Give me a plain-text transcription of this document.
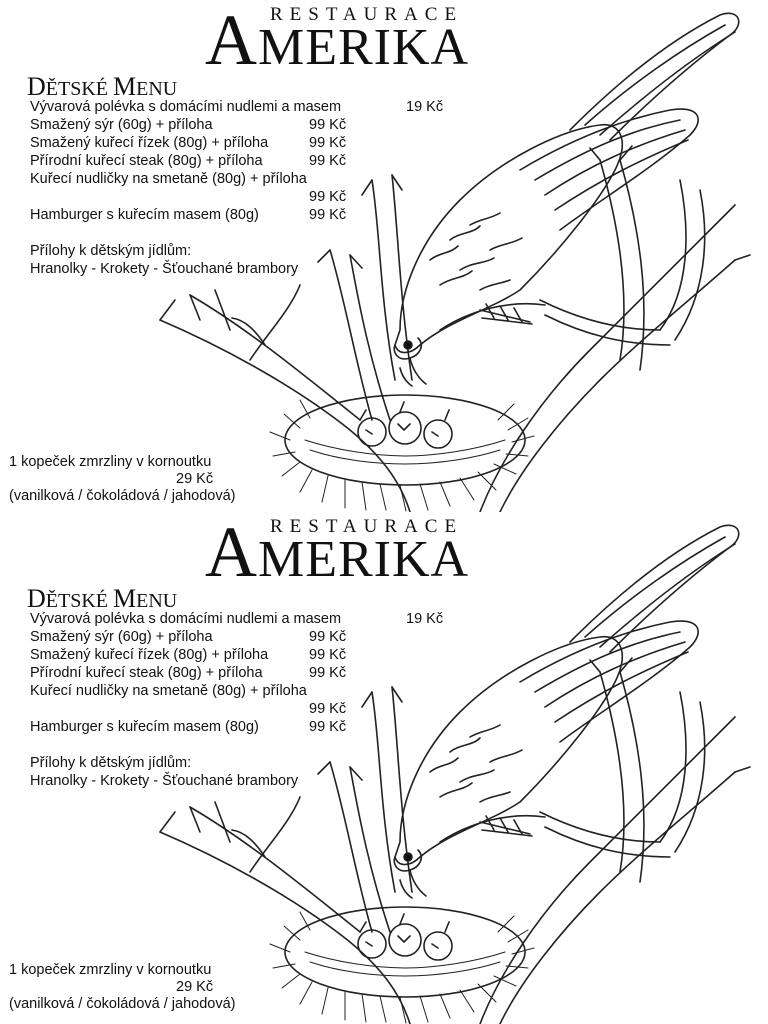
RESTAURACE
AMERIKA
DĚTSKÉ MENU
Vývarová polévka s domácími nudlemi a masem	19 Kč
Smažený sýr (60g) + příloha	99 Kč
Smažený kuřecí řízek (80g) + příloha	99 Kč
Přírodní kuřecí steak (80g) + příloha	99 Kč
Kuřecí nudličky na smetaně (80g) + příloha
99 Kč
Hamburger s kuřecím masem (80g)	99 Kč
Přílohy k dětským jídlům:
Hranolky - Krokety - Šťouchané brambory
1 kopeček zmrzliny v kornoutku
29 Kč
(vanilková / čokoládová / jahodová)
RESTAURACE
AMERIKA
DĚTSKÉ MENU
Vývarová polévka s domácími nudlemi a masem	19 Kč
Smažený sýr (60g) + příloha	99 Kč
Smažený kuřecí řízek (80g) + příloha	99 Kč
Přírodní kuřecí steak (80g) + příloha	99 Kč
Kuřecí nudličky na smetaně (80g) + příloha
99 Kč
Hamburger s kuřecím masem (80g)	99 Kč
Přílohy k dětským jídlům:
Hranolky - Krokety - Šťouchané brambory
1 kopeček zmrzliny v kornoutku
29 Kč
(vanilková / čokoládová / jahodová)
